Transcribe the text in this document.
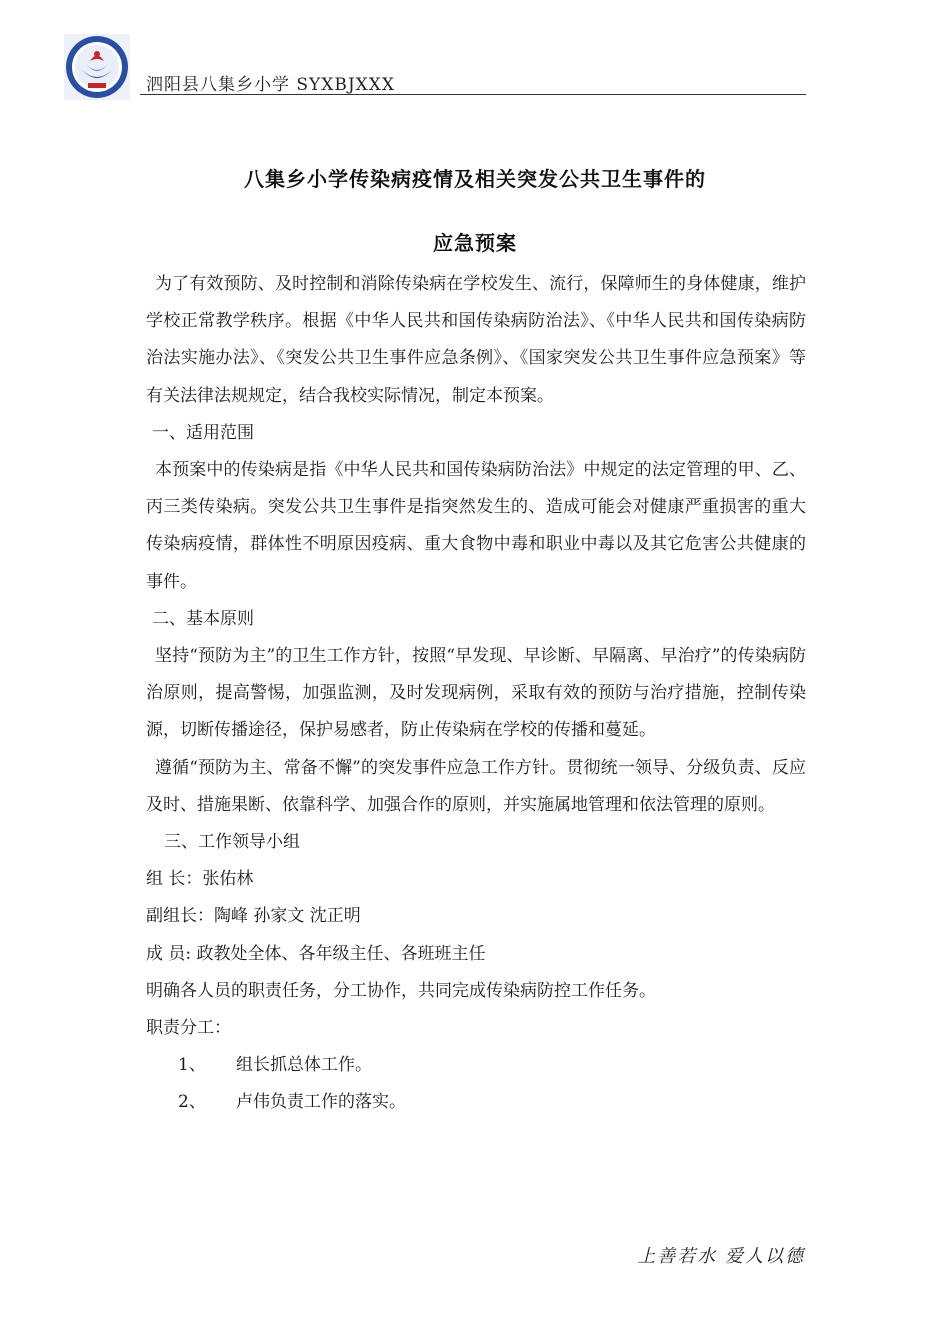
泗阳县八集乡小学 SYXBJXXX
八集乡小学传染病疫情及相关突发公共卫生事件的
应急预案

为了有效预防、及时控制和消除传染病在学校发生、流行，保障师生的身体健康，维护学校正常教学秩序。根据《中华人民共和国传染病防治法》、《中华人民共和国传染病防治法实施办法》、《突发公共卫生事件应急条例》、《国家突发公共卫生事件应急预案》等有关法律法规规定，结合我校实际情况，制定本预案。

一、适用范围

本预案中的传染病是指《中华人民共和国传染病防治法》中规定的法定管理的甲、乙、丙三类传染病。突发公共卫生事件是指突然发生的、造成可能会对健康严重损害的重大传染病疫情，群体性不明原因疫病、重大食物中毒和职业中毒以及其它危害公共健康的事件。

二、基本原则

坚持“预防为主”的卫生工作方针，按照“早发现、早诊断、早隔离、早治疗”的传染病防治原则，提高警惕，加强监测，及时发现病例，采取有效的预防与治疗措施，控制传染源，切断传播途径，保护易感者，防止传染病在学校的传播和蔓延。

遵循“预防为主、常备不懈”的突发事件应急工作方针。贯彻统一领导、分级负责、反应及时、措施果断、依靠科学、加强合作的原则，并实施属地管理和依法管理的原则。

三、工作领导小组

组 长：张佑林

副组长：陶峰 孙家文 沈正明

成 员: 政教处全体、各年级主任、各班班主任

明确各人员的职责任务，分工协作，共同完成传染病防控工作任务。

职责分工：

1、	组长抓总体工作。
2、	卢伟负责工作的落实。
上善若水 爱人以德
